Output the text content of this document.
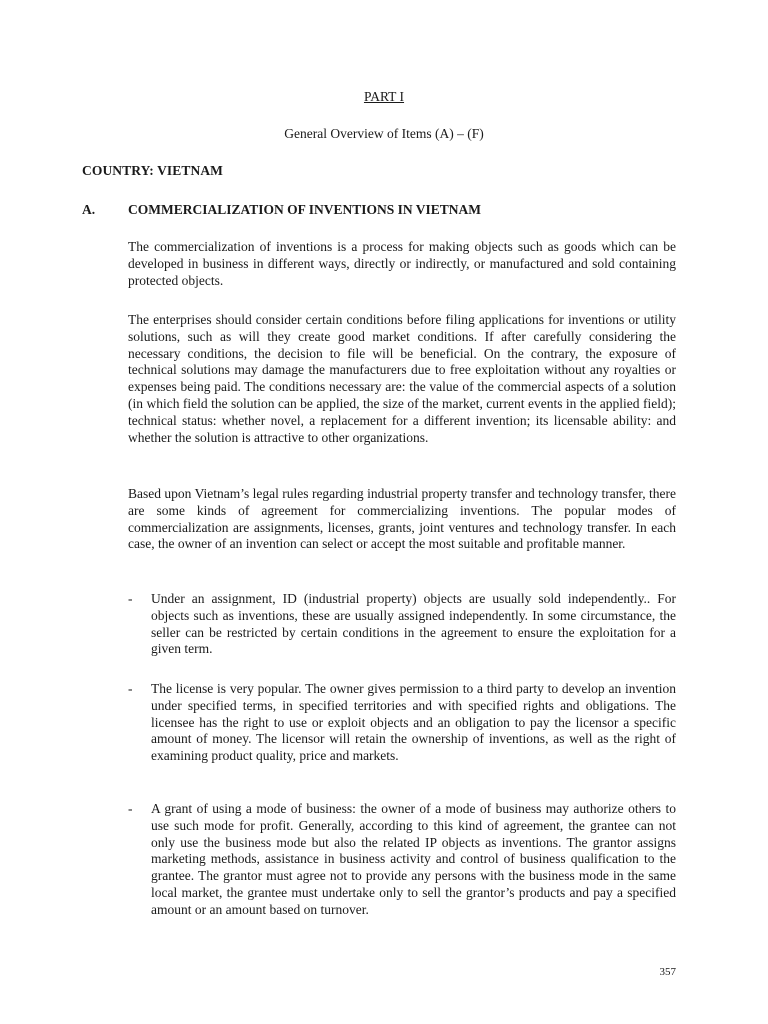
PART I
General Overview of Items (A) – (F)
COUNTRY: VIETNAM
A. COMMERCIALIZATION OF INVENTIONS IN VIETNAM
The commercialization of inventions is a process for making objects such as goods which can be developed in business in different ways, directly or indirectly, or manufactured and sold containing protected objects.
The enterprises should consider certain conditions before filing applications for inventions or utility solutions, such as will they create good market conditions. If after carefully considering the necessary conditions, the decision to file will be beneficial. On the contrary, the exposure of technical solutions may damage the manufacturers due to free exploitation without any royalties or expenses being paid. The conditions necessary are: the value of the commercial aspects of a solution (in which field the solution can be applied, the size of the market, current events in the applied field); technical status: whether novel, a replacement for a different invention; its licensable ability: and whether the solution is attractive to other organizations.
Based upon Vietnam’s legal rules regarding industrial property transfer and technology transfer, there are some kinds of agreement for commercializing inventions. The popular modes of commercialization are assignments, licenses, grants, joint ventures and technology transfer. In each case, the owner of an invention can select or accept the most suitable and profitable manner.
- Under an assignment, ID (industrial property) objects are usually sold independently.. For objects such as inventions, these are usually assigned independently. In some circumstance, the seller can be restricted by certain conditions in the agreement to ensure the exploitation for a given term.
- The license is very popular. The owner gives permission to a third party to develop an invention under specified terms, in specified territories and with specified rights and obligations. The licensee has the right to use or exploit objects and an obligation to pay the licensor a specific amount of money. The licensor will retain the ownership of inventions, as well as the right of examining product quality, price and markets.
- A grant of using a mode of business: the owner of a mode of business may authorize others to use such mode for profit. Generally, according to this kind of agreement, the grantee can not only use the business mode but also the related IP objects as inventions. The grantor assigns marketing methods, assistance in business activity and control of business qualification to the grantee. The grantor must agree not to provide any persons with the business mode in the same local market, the grantee must undertake only to sell the grantor’s products and pay a specified amount or an amount based on turnover.
357
